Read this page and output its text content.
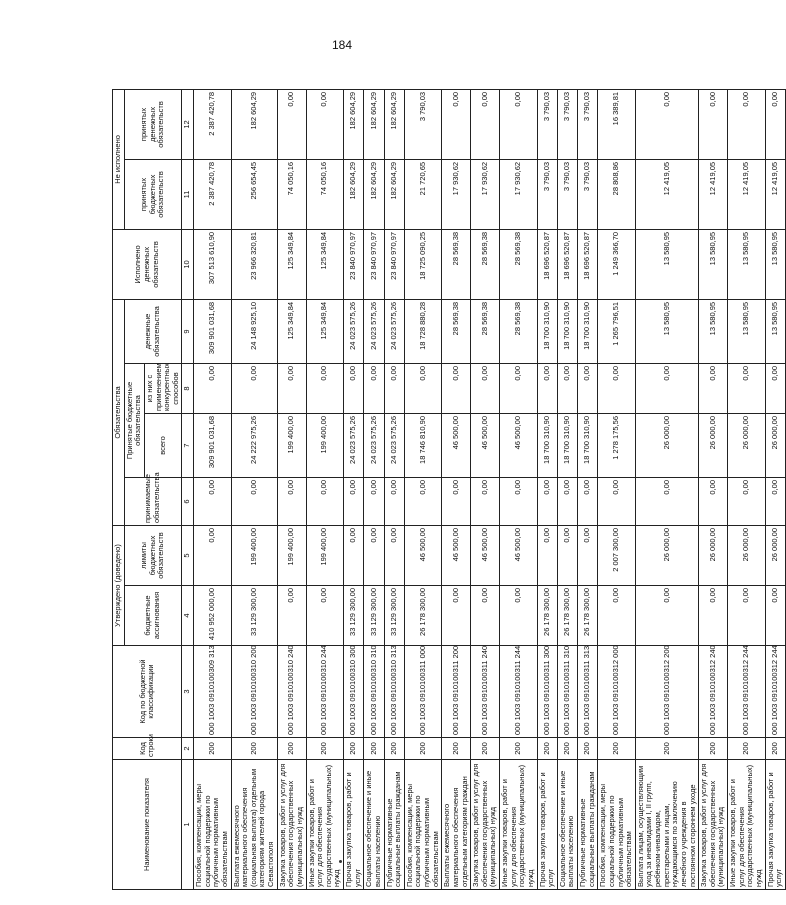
184
Наименование показателя	Код строки	Код по бюджетной классификации	Утверждено (доведено)		Обязательства				Исполнено денежных обязательств	Не исполнено	
			бюджетные ассигнования	лимиты бюджетных обязательств	принимаемые обязательства	Принятые бюджетные обязательства		денежные обязательства		принятых бюджетных обязательств	принятых денежных обязательств
						всего	из них с применением конкурентных способов				
1	2	3	4	5	6	7	8	9	10	11	12
Пособия, компенсации, меры социальной поддержки по публичным нормативным обязательствам	200	000 1003 0910100309 313	410 952 000,00	0,00	0,00	309 901 031,68	0,00	309 901 031,68	307 513 610,90	2 387 420,78	2 387 420,78
Выплата ежемесячного материального обеспечения (социальная выплата) отдельным категориям жителей города Севастополя	200	000 1003 0910100310 200	33 129 300,00	199 400,00	0,00	24 222 975,26	0,00	24 148 925,10	23 966 320,81	256 654,45	182 604,29
Закупка товаров, работ и услуг для обеспечения государственных (муниципальных) нужд	200	000 1003 0910100310 240	0,00	199 400,00	0,00	199 400,00	0,00	125 349,84	125 349,84	74 050,16	0,00
Иные закупки товаров, работ и услуг для обеспечения государственных (муниципальных) нужд	200	000 1003 0910100310 244	0,00	199 400,00	0,00	199 400,00	0,00	125 349,84	125 349,84	74 050,16	0,00
Прочая закупка товаров, работ и услуг	200	000 1003 0910100310 300	33 129 300,00	0,00	0,00	24 023 575,26	0,00	24 023 575,26	23 840 970,97	182 604,29	182 604,29
Социальное обеспечение и иные выплаты населению	200	000 1003 0910100310 310	33 129 300,00	0,00	0,00	24 023 575,26	0,00	24 023 575,26	23 840 970,97	182 604,29	182 604,29
Публичные нормативные социальные выплаты гражданам	200	000 1003 0910100310 313	33 129 300,00	0,00	0,00	24 023 575,26	0,00	24 023 575,26	23 840 970,97	182 604,29	182 604,29
Пособия, компенсации, меры социальной поддержки по публичным нормативным обязательствам	200	000 1003 0910100311 000	26 178 300,00	46 500,00	0,00	18 746 810,90	0,00	18 728 880,28	18 725 090,25	21 720,65	3 790,03
Выплаты ежемесячного материального обеспечения отдельным категориям граждан	200	000 1003 0910100311 200	0,00	46 500,00	0,00	46 500,00	0,00	28 569,38	28 569,38	17 930,62	0,00
Закупка товаров, работ и услуг для обеспечения государственных (муниципальных) нужд	200	000 1003 0910100311 240	0,00	46 500,00	0,00	46 500,00	0,00	28 569,38	28 569,38	17 930,62	0,00
Иные закупки товаров, работ и услуг для обеспечения государственных (муниципальных) нужд	200	000 1003 0910100311 244	0,00	46 500,00	0,00	46 500,00	0,00	28 569,38	28 569,38	17 930,62	0,00
Прочая закупка товаров, работ и услуг	200	000 1003 0910100311 300	26 178 300,00	0,00	0,00	18 700 310,90	0,00	18 700 310,90	18 696 520,87	3 790,03	3 790,03
Социальное обеспечение и иные выплаты населению	200	000 1003 0910100311 310	26 178 300,00	0,00	0,00	18 700 310,90	0,00	18 700 310,90	18 696 520,87	3 790,03	3 790,03
Публичные нормативные социальные выплаты гражданам	200	000 1003 0910100311 313	26 178 300,00	0,00	0,00	18 700 310,90	0,00	18 700 310,90	18 696 520,87	3 790,03	3 790,03
Пособия, компенсации, меры социальной поддержки по публичным нормативным обязательствам	200	000 1003 0910100312 000	0,00	2 007 300,00	0,00	1 278 175,56	0,00	1 265 796,51	1 249 366,70	28 808,86	16 389,81
Выплата лицам, осуществляющим уход за инвалидами I, II групп, ребёнком-инвалидом, престарелыми и лицам, нуждающимся по заключению лечебного учреждения в постоянном стороннем уходе	200	000 1003 0910100312 200	0,00	26 000,00	0,00	26 000,00	0,00	13 580,95	13 580,95	12 419,05	0,00
Закупка товаров, работ и услуг для обеспечения государственных (муниципальных) нужд	200	000 1003 0910100312 240	0,00	26 000,00	0,00	26 000,00	0,00	13 580,95	13 580,95	12 419,05	0,00
Иные закупки товаров, работ и услуг для обеспечения государственных (муниципальных) нужд	200	000 1003 0910100312 244	0,00	26 000,00	0,00	26 000,00	0,00	13 580,95	13 580,95	12 419,05	0,00
Прочая закупка товаров, работ и услуг	200	000 1003 0910100312 244	0,00	26 000,00	0,00	26 000,00	0,00	13 580,95	13 580,95	12 419,05	0,00
